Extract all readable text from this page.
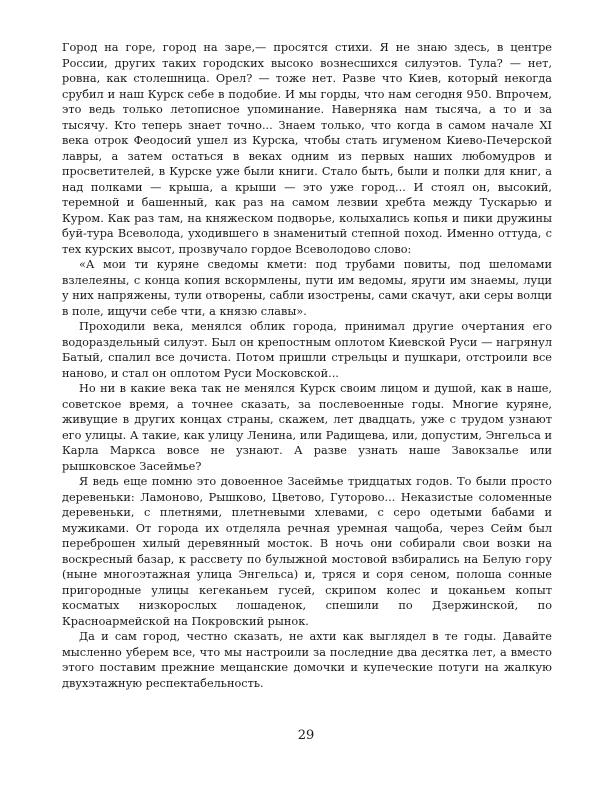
Город на горе, город на заре,— просятся стихи. Я не знаю здесь, в центре России, других таких городских высоко вознесшихся силуэтов. Тула? — нет, ровна, как столешница. Орел? — тоже нет. Разве что Киев, который некогда срубил и наш Курск себе в подобие. И мы горды, что нам сегодня 950. Впрочем, это ведь только летописное упоминание. Наверняка нам тысяча, а то и за тысячу. Кто теперь знает точно... Знаем только, что когда в самом начале XI века отрок Феодосий ушел из Курска, чтобы стать игуменом Киево-Печерской лавры, а затем остаться в веках одним из первых наших любомудров и просветителей, в Курске уже были книги. Стало быть, были и полки для книг, а над полками — крыша, а крыши — это уже город... И стоял он, высокий, теремной и башенный, как раз на самом лезвии хребта между Тускарью и Куром. Как раз там, на княжеском подворье, колыхались копья и пики дружины буй-тура Всеволода, уходившего в знаменитый степной поход. Именно оттуда, с тех курских высот, прозвучало гордое Всеволодово слово:

«А мои ти куряне сведомы кмети: под трубами повиты, под шеломами взлелеяны, с конца копия вскормлены, пути им ведомы, яруги им знаемы, луци у них напряжены, тули отворены, сабли изострены, сами скачут, аки серы волци в поле, ищучи себе чти, а князю славы».

Проходили века, менялся облик города, принимал другие очертания его водораздельный силуэт. Был он крепостным оплотом Киевской Руси — нагрянул Батый, спалил все дочиста. Потом пришли стрельцы и пушкари, отстроили все наново, и стал он оплотом Руси Московской...

Но ни в какие века так не менялся Курск своим лицом и душой, как в наше, советское время, а точнее сказать, за послевоенные годы. Многие куряне, живущие в других концах страны, скажем, лет двадцать, уже с трудом узнают его улицы. А такие, как улицу Ленина, или Радищева, или, допустим, Энгельса и Карла Маркса вовсе не узнают. А разве узнать наше Завокзалье или рышковское Засеймье?

Я ведь еще помню это довоенное Засеймье тридцатых годов. То были просто деревеньки: Ламоново, Рышково, Цветово, Гуторово... Неказистые соломенные деревеньки, с плетнями, плетневыми хлевами, с серо одетыми бабами и мужиками. От города их отделяла речная уремная чащоба, через Сейм был переброшен хилый деревянный мосток. В ночь они собирали свои возки на воскресный базар, к рассвету по булыжной мостовой взбирались на Белую гору (ныне многоэтажная улица Энгельса) и, тряся и соря сеном, полоша сонные пригородные улицы кегеканьем гусей, скрипом колес и цоканьем копыт косматых низкорослых лошаденок, спешили по Дзержинской, по Красноармейской на Покровский рынок.

Да и сам город, честно сказать, не ахти как выглядел в те годы. Давайте мысленно уберем все, что мы настроили за последние два десятка лет, а вместо этого поставим прежние мещанские домочки и купеческие потуги на жалкую двухэтажную респектабельность.

29
